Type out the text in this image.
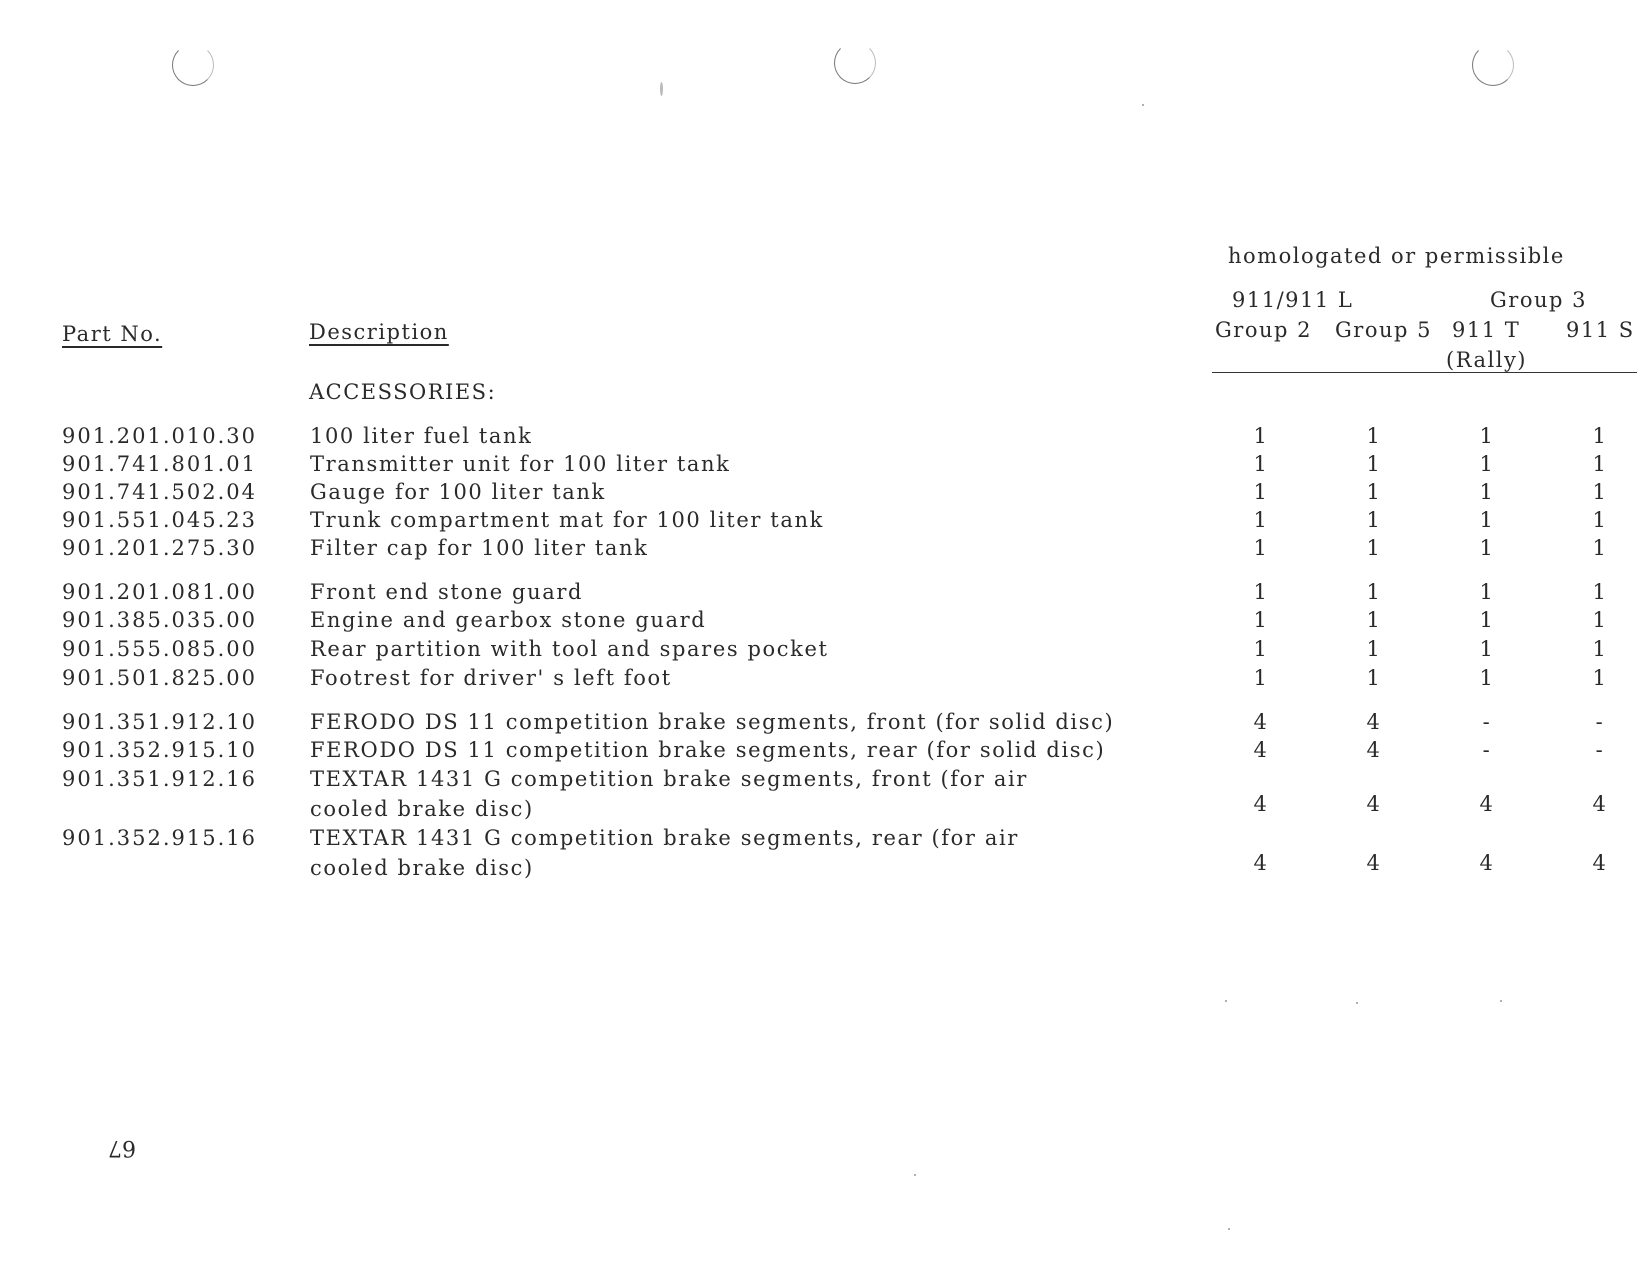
homologated or permissible
911/911 L	Group 3
Part No.	Description	Group 2 Group 5 911 T 911 S
(Rally)
ACCESSORIES:
901.201.010.30	100 liter fuel tank	1	1	1	1
901.741.801.01	Transmitter unit for 100 liter tank	1	1	1	1
901.741.502.04	Gauge for 100 liter tank	1	1	1	1
901.551.045.23	Trunk compartment mat for 100 liter tank	1	1	1	1
901.201.275.30	Filter cap for 100 liter tank	1	1	1	1
901.201.081.00	Front end stone guard	1	1	1	1
901.385.035.00	Engine and gearbox stone guard	1	1	1	1
901.555.085.00	Rear partition with tool and spares pocket	1	1	1	1
901.501.825.00	Footrest for driver' s left foot	1	1	1	1
901.351.912.10	FERODO DS 11 competition brake segments, front (for solid disc)	4	4	-	-
901.352.915.10	FERODO DS 11 competition brake segments, rear (for solid disc)	4	4	-	-
901.351.912.16	TEXTAR 1431 G competition brake segments, front (for air
cooled brake disc)	4	4	4	4
901.352.915.16	TEXTAR 1431 G competition brake segments, rear (for air
cooled brake disc)	4	4	4	4
67
